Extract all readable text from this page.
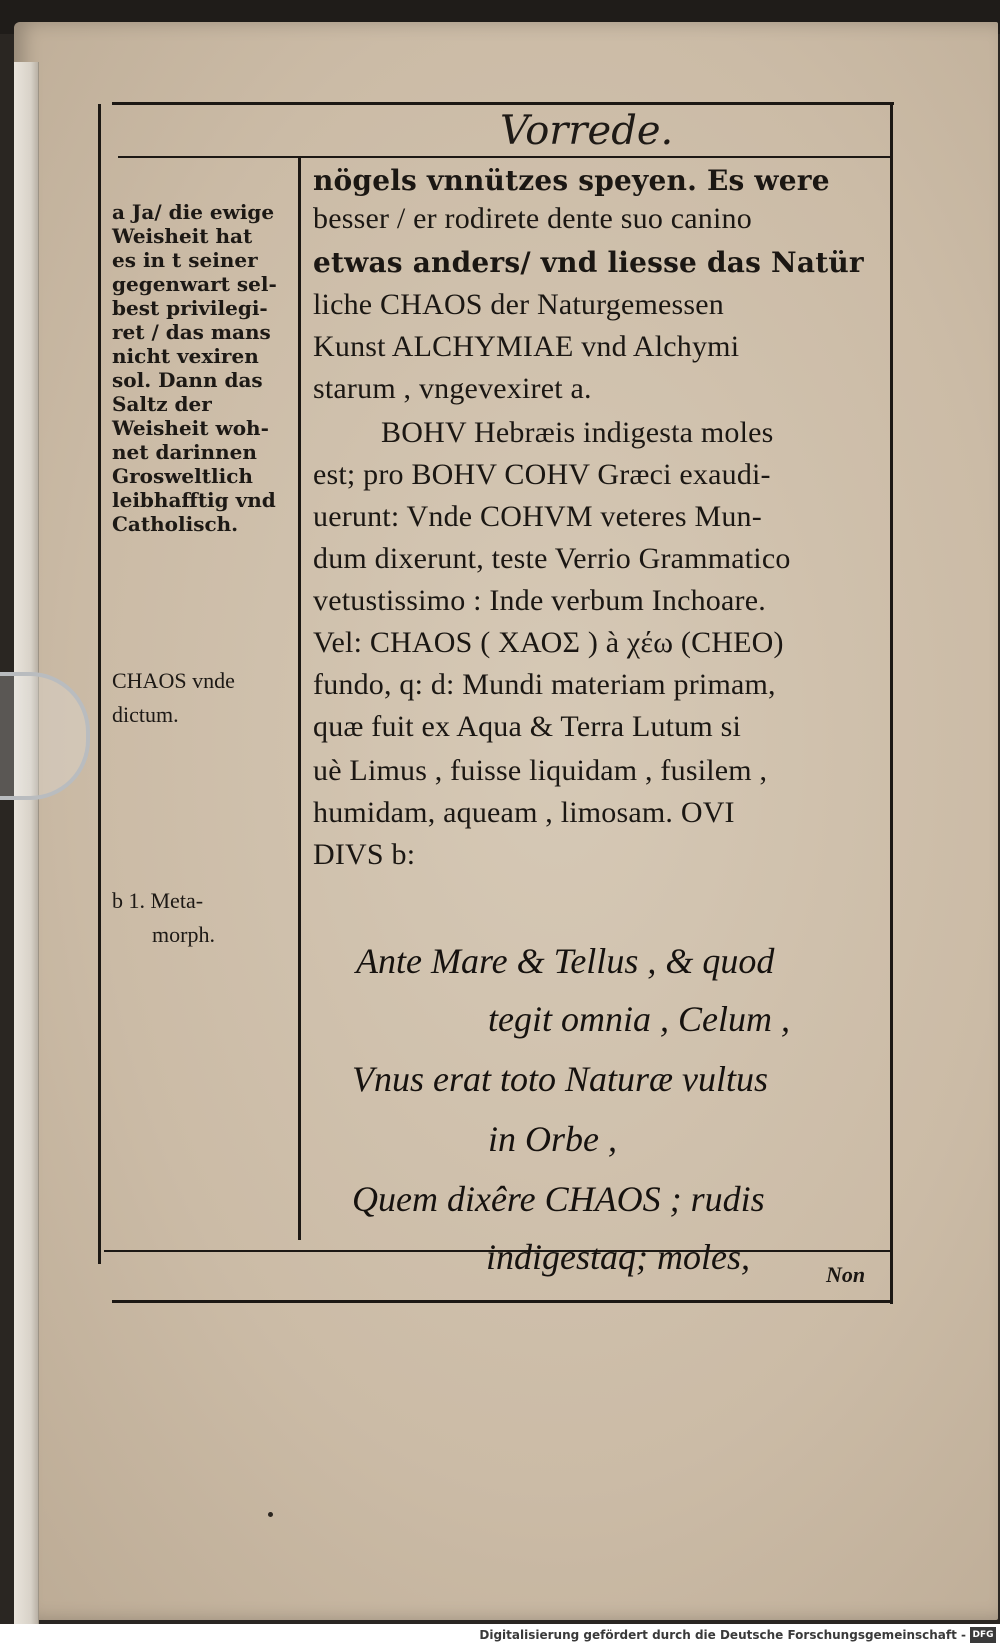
Vorrede.
a Ja/ die ewige
Weisheit hat
es in t seiner
gegenwart sel-
best privilegi-
ret / das mans
nicht vexiren
sol. Dann das
Saltz der
Weisheit woh-
net darinnen
Grosweltlich
leibhafftig vnd
Catholisch.
CHAOS vnde
dictum.
b 1. Meta-
morph.
nögels vnnützes speyen. Es were
besser / er rodirete dente suo canino
etwas anders/ vnd liesse das Natür
liche CHAOS der Naturgemessen
Kunst ALCHYMIAE vnd Alchymi
starum , vngevexiret a.
BOHV Hebræis indigesta moles
est; pro BOHV COHV Græci exaudi-
uerunt: Vnde COHVM veteres Mun-
dum dixerunt, teste Verrio Grammatico
vetustissimo : Inde verbum Inchoare.
Vel: CHAOS ( ΧΑΟΣ ) à χέω (CHEO)
fundo, q: d: Mundi materiam primam,
quæ fuit ex Aqua & Terra Lutum si
uè Limus , fuisse liquidam , fusilem ,
humidam, aqueam , limosam. OVI
DIVS b:
Ante Mare & Tellus , & quod
tegit omnia , Celum ,
Vnus erat toto Naturæ vultus
in Orbe ,
Quem dixêre CHAOS ; rudis
indigestaq; moles,	Non
Digitalisierung gefördert durch die Deutsche Forschungsgemeinschaft - DFG
